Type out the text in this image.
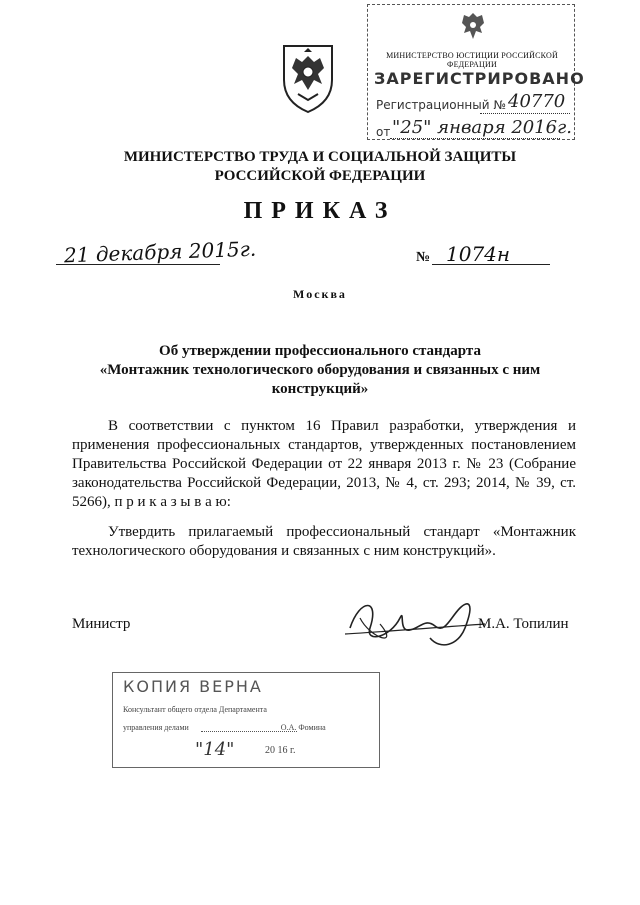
МИНИСТЕРСТВО ЮСТИЦИИ РОССИЙСКОЙ ФЕДЕРАЦИИ
ЗАРЕГИСТРИРОВАНО
Регистрационный № 40770
от "25" января 2016г.
МИНИСТЕРСТВО ТРУДА И СОЦИАЛЬНОЙ ЗАЩИТЫ
РОССИЙСКОЙ ФЕДЕРАЦИИ
ПРИКАЗ
21 декабря 2015г.	№ 1074н
Москва
Об утверждении профессионального стандарта
«Монтажник технологического оборудования и связанных с ним
конструкций»
В соответствии с пунктом 16 Правил разработки, утверждения и применения профессиональных стандартов, утвержденных постановлением Правительства Российской Федерации от 22 января 2013 г. № 23 (Собрание законодательства Российской Федерации, 2013, № 4, ст. 293; 2014, № 39, ст. 5266), п р и к а з ы в а ю:
Утвердить прилагаемый профессиональный стандарт «Монтажник технологического оборудования и связанных с ним конструкций».
Министр	М.А. Топилин
КОПИЯ ВЕРНА
Консультант общего отдела Департамента
управления делами	О.А. Фомина
"14"	20 16 г.
